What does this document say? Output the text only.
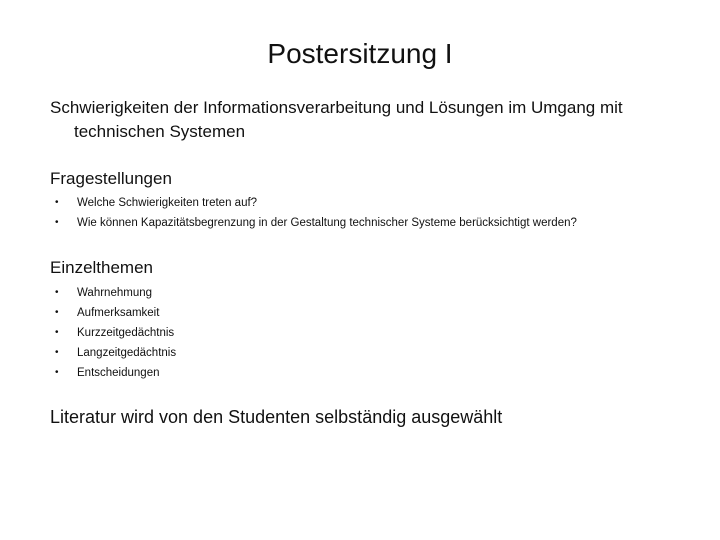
Postersitzung I
Schwierigkeiten der Informationsverarbeitung und Lösungen im Umgang mit technischen Systemen
Fragestellungen
•	Welche Schwierigkeiten treten auf?
•	Wie können Kapazitätsbegrenzung in der Gestaltung technischer Systeme berücksichtigt werden?
Einzelthemen
•	Wahrnehmung
•	Aufmerksamkeit
•	Kurzzeitgedächtnis
•	Langzeitgedächtnis
•	Entscheidungen
Literatur wird von den Studenten selbständig ausgewählt
